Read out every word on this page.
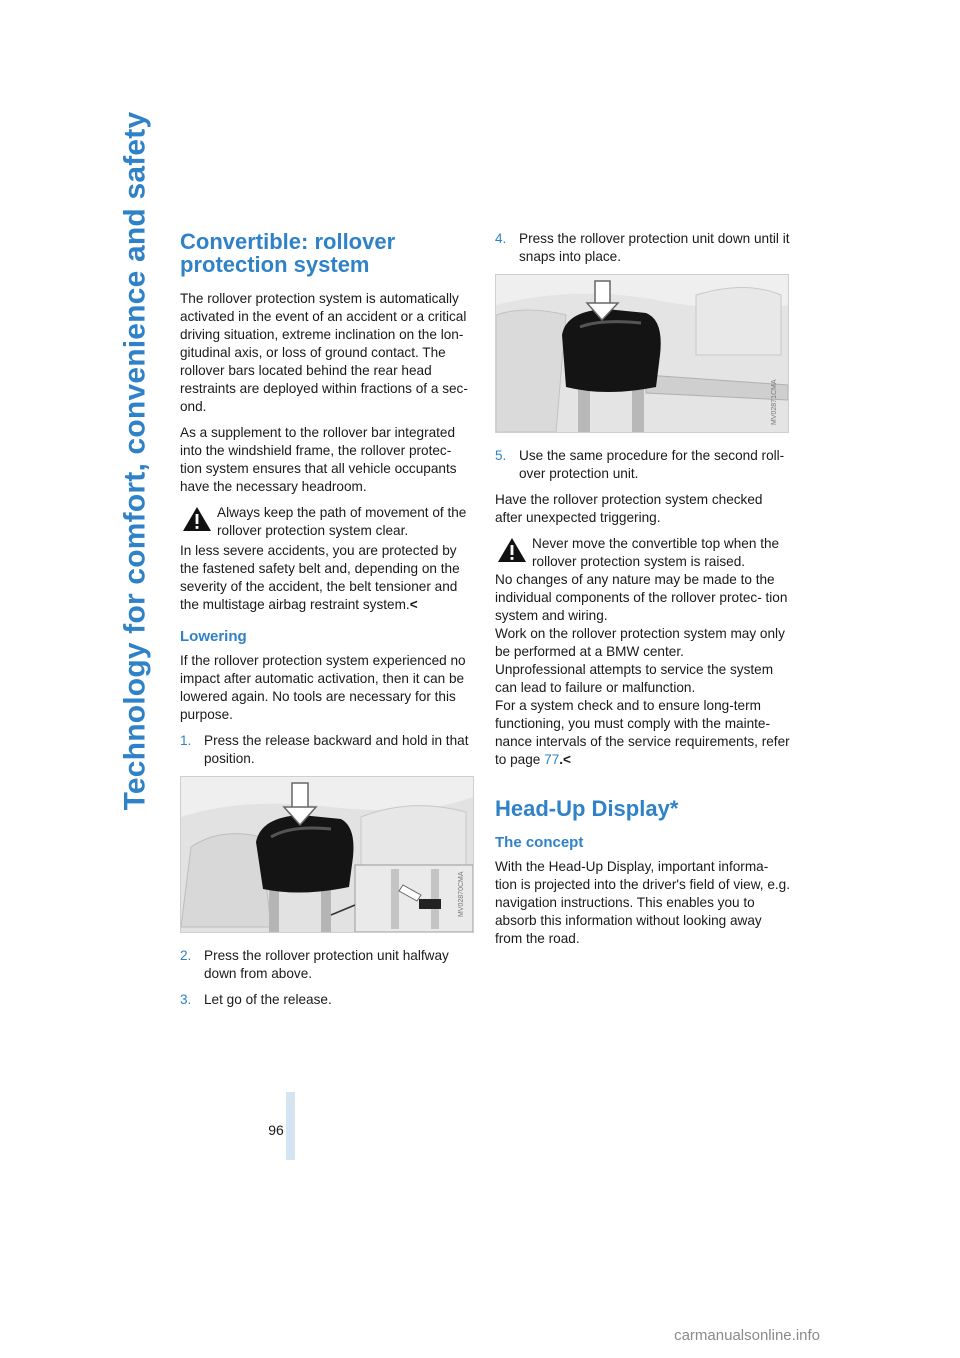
Technology for comfort, convenience and safety
96
Convertible: rollover protection system

The rollover protection system is automatically activated in the event of an accident or a critical driving situation, extreme inclination on the lon- gitudinal axis, or loss of ground contact. The rollover bars located behind the rear head restraints are deployed within fractions of a sec- ond.

As a supplement to the rollover bar integrated into the windshield frame, the rollover protec- tion system ensures that all vehicle occupants have the necessary headroom.

Always keep the path of movement of the rollover protection system clear.

In less severe accidents, you are protected by the fastened safety belt and, depending on the severity of the accident, the belt tensioner and the multistage airbag restraint system.<

Lowering

If the rollover protection system experienced no impact after automatic activation, then it can be lowered again. No tools are necessary for this purpose.

1. Press the release backward and hold in that position.
MV02870CMA
2. Press the rollover protection unit halfway down from above.
3. Let go of the release.
4. Press the rollover protection unit down until it snaps into place.
MV02871CMA
5. Use the same procedure for the second roll- over protection unit.

Have the rollover protection system checked after unexpected triggering.

Never move the convertible top when the rollover protection system is raised.

No changes of any nature may be made to the individual components of the rollover protec- tion system and wiring.

Work on the rollover protection system may only be performed at a BMW center.

Unprofessional attempts to service the system can lead to failure or malfunction.

For a system check and to ensure long-term functioning, you must comply with the mainte- nance intervals of the service requirements, refer to page 77.<

Head-Up Display*
The concept

With the Head-Up Display, important informa- tion is projected into the driver's field of view, e.g. navigation instructions. This enables you to absorb this information without looking away from the road.

carmanualsonline.info
